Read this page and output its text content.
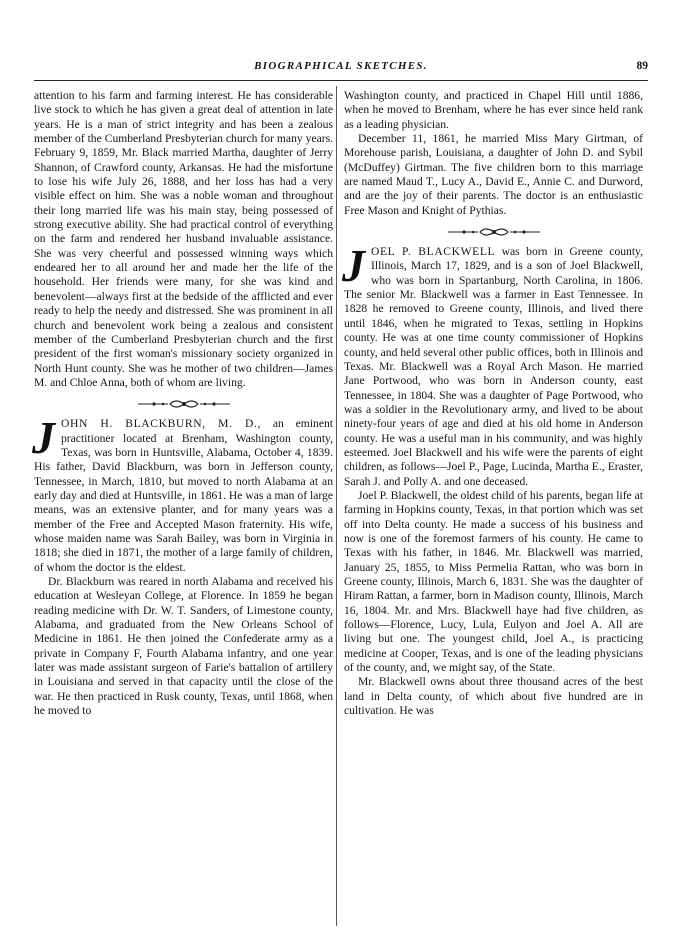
BIOGRAPHICAL SKETCHES.	89

attention to his farm and farming interest. He has considerable live stock to which he has given a great deal of attention in late years. He is a man of strict integrity and has been a zealous member of the Cumberland Presbyterian church for many years. February 9, 1859, Mr. Black married Martha, daughter of Jerry Shannon, of Crawford county, Arkansas. He had the misfortune to lose his wife July 26, 1888, and her loss has had a very visible effect on him. She was a noble woman and throughout their long married life was his main stay, being possessed of strong executive ability. She had practical control of everything on the farm and rendered her husband invaluable assistance. She was very cheerful and possessed winning ways which endeared her to all around her and made her the life of the household. Her friends were many, for she was kind and benevolent—always first at the bedside of the afflicted and ever ready to help the needy and distressed. She was prominent in all church and benevolent work being a zealous and consistent member of the Cumberland Presbyterian church and the first president of the first woman's missionary society organized in North Hunt county. She was he mother of two children—James M. and Chloe Anna, both of whom are living.

JOHN H. BLACKBURN, M. D., an eminent practitioner located at Brenham, Washington county, Texas, was born in Huntsville, Alabama, October 4, 1839. His father, David Blackburn, was born in Jefferson county, Tennessee, in March, 1810, but moved to north Alabama at an early day and died at Huntsville, in 1861. He was a man of large means, was an extensive planter, and for many years was a member of the Free and Accepted Mason fraternity. His wife, whose maiden name was Sarah Bailey, was born in Virginia in 1818; she died in 1871, the mother of a large family of children, of whom the doctor is the eldest.

Dr. Blackburn was reared in north Alabama and received his education at Wesleyan College, at Florence. In 1859 he began reading medicine with Dr. W. T. Sanders, of Limestone county, Alabama, and graduated from the New Orleans School of Medicine in 1861. He then joined the Confederate army as a private in Company F, Fourth Alabama infantry, and one year later was made assistant surgeon of Farie's battalion of artillery in Louisiana and served in that capacity until the close of the war. He then practiced in Rusk county, Texas, until 1868, when he moved to

Washington county, and practiced in Chapel Hill until 1886, when he moved to Brenham, where he has ever since held rank as a leading physician.

December 11, 1861, he married Miss Mary Girtman, of Morehouse parish, Louisiana, a daughter of John D. and Sybil (McDuffey) Girtman. The five children born to this marriage are named Maud T., Lucy A., David E., Annie C. and Durword, and are the joy of their parents. The doctor is an enthusiastic Free Mason and Knight of Pythias.

JOEL P. BLACKWELL was born in Greene county, Illinois, March 17, 1829, and is a son of Joel Blackwell, who was born in Spartanburg, North Carolina, in 1806. The senior Mr. Blackwell was a farmer in East Tennessee. In 1828 he removed to Greene county, Illinois, and lived there until 1846, when he migrated to Texas, settling in Hopkins county. He was at one time county commissioner of Hopkins county, and held several other public offices, both in Illinois and Texas. Mr. Blackwell was a Royal Arch Mason. He married Jane Portwood, who was born in Anderson county, east Tennessee, in 1804. She was a daughter of Page Portwood, who was a soldier in the Revolutionary army, and lived to be about ninety-four years of age and died at his old home in Anderson county. He was a useful man in his community, and was highly esteemed. Joel Blackwell and his wife were the parents of eight children, as follows—Joel P., Page, Lucinda, Martha E., Eraster, Sarah J. and Polly A. and one deceased.

Joel P. Blackwell, the oldest child of his parents, began life at farming in Hopkins county, Texas, in that portion which was set off into Delta county. He made a success of his business and now is one of the foremost farmers of his county. He came to Texas with his father, in 1846. Mr. Blackwell was married, January 25, 1855, to Miss Permelia Rattan, who was born in Greene county, Illinois, March 6, 1831. She was the daughter of Hiram Rattan, a farmer, born in Madison county, Illinois, March 16, 1804. Mr. and Mrs. Blackwell haye had five children, as follows—Florence, Lucy, Lula, Eulyon and Joel A. All are living but one. The youngest child, Joel A., is practicing medicine at Cooper, Texas, and is one of the leading physicians of the county, and, we might say, of the State.

Mr. Blackwell owns about three thousand acres of the best land in Delta county, of which about five hundred are in cultivation. He was
